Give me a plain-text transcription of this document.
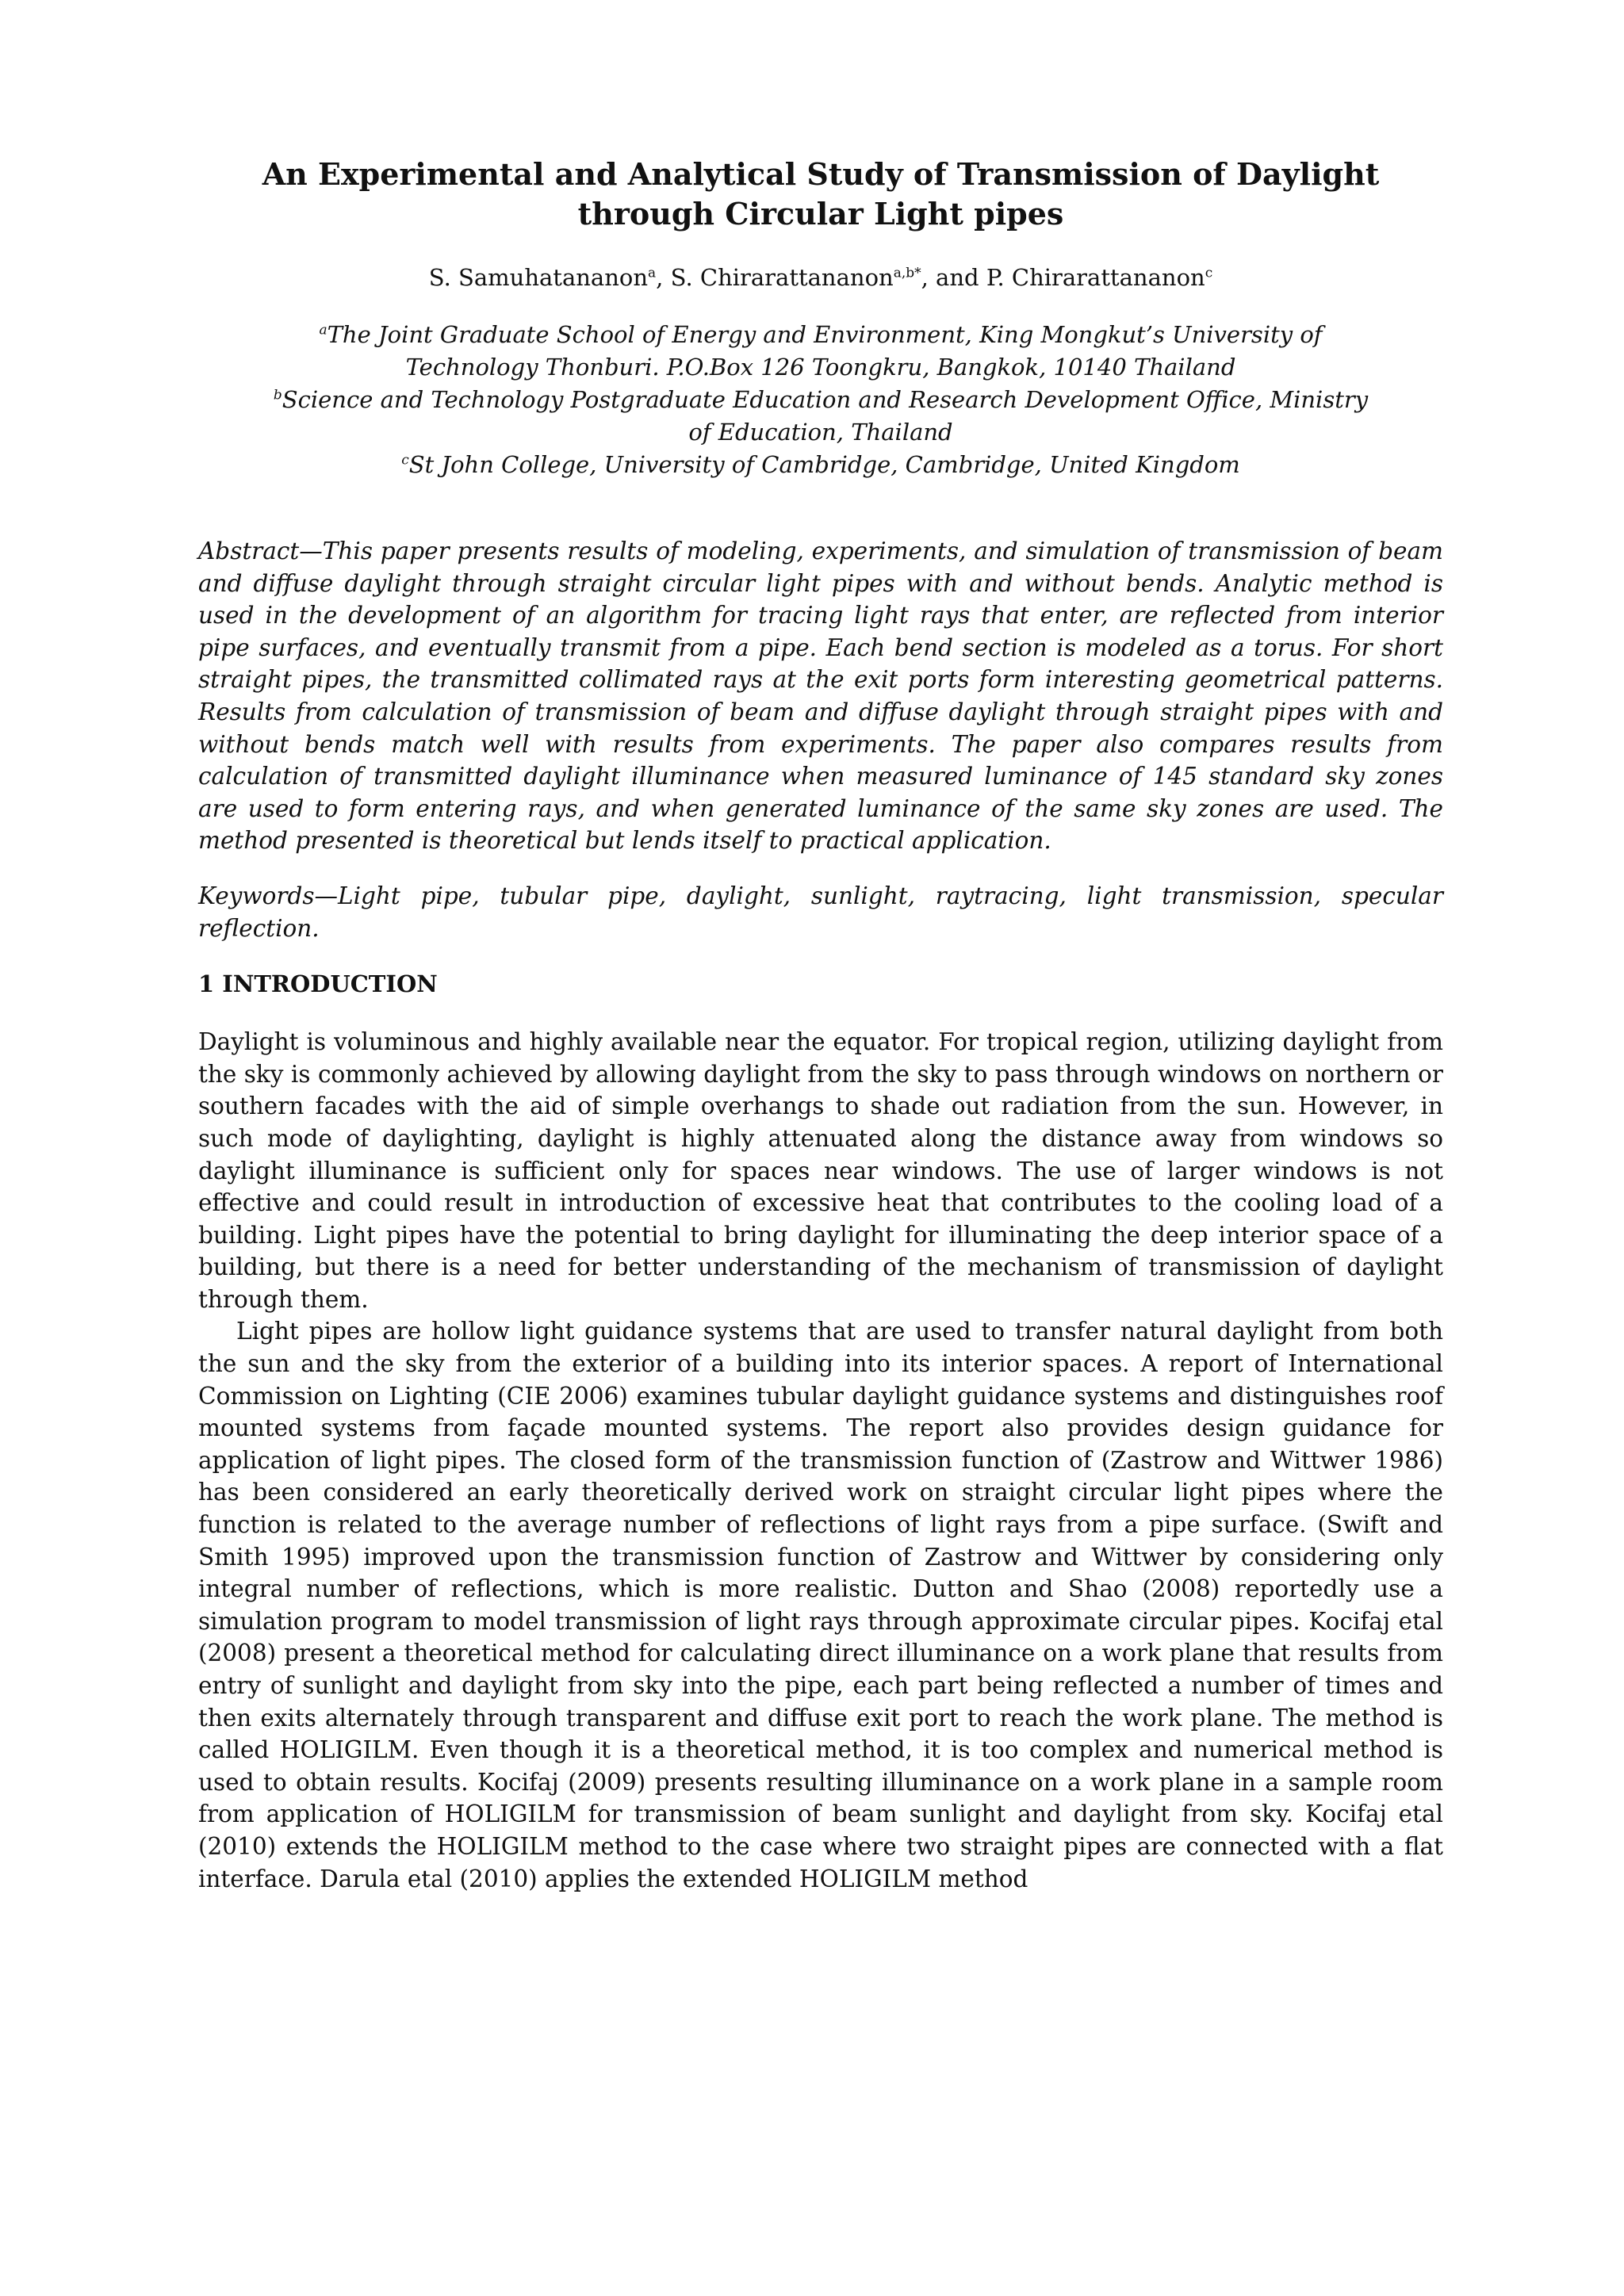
An Experimental and Analytical Study of Transmission of Daylight
through Circular Light pipes
S. Samuhatananon$^a$, S. Chirarattananon$^{a,b*}$, and P. Chirarattananon$^c$
$^a$The Joint Graduate School of Energy and Environment, King Mongkut’s University of
Technology Thonburi. P.O.Box 126 Toongkru, Bangkok, 10140 Thailand
$^b$Science and Technology Postgraduate Education and Research Development Office, Ministry
of Education, Thailand
$^c$St John College, University of Cambridge, Cambridge, United Kingdom

Abstract—This paper presents results of modeling, experiments, and simulation of transmission of beam and diffuse daylight through straight circular light pipes with and without bends. Analytic method is used in the development of an algorithm for tracing light rays that enter, are reflected from interior pipe surfaces, and eventually transmit from a pipe. Each bend section is modeled as a torus. For short straight pipes, the transmitted collimated rays at the exit ports form interesting geometrical patterns. Results from calculation of transmission of beam and diffuse daylight through straight pipes with and without bends match well with results from experiments. The paper also compares results from calculation of transmitted daylight illuminance when measured luminance of 145 standard sky zones are used to form entering rays, and when generated luminance of the same sky zones are used. The method presented is theoretical but lends itself to practical application.

Keywords—Light pipe, tubular pipe, daylight, sunlight, raytracing, light transmission, specular reflection.

1 INTRODUCTION

Daylight is voluminous and highly available near the equator. For tropical region, utilizing daylight from the sky is commonly achieved by allowing daylight from the sky to pass through windows on northern or southern facades with the aid of simple overhangs to shade out radiation from the sun. However, in such mode of daylighting, daylight is highly attenuated along the distance away from windows so daylight illuminance is sufficient only for spaces near windows. The use of larger windows is not effective and could result in introduction of excessive heat that contributes to the cooling load of a building. Light pipes have the potential to bring daylight for illuminating the deep interior space of a building, but there is a need for better understanding of the mechanism of transmission of daylight through them.

Light pipes are hollow light guidance systems that are used to transfer natural daylight from both the sun and the sky from the exterior of a building into its interior spaces. A report of International Commission on Lighting (CIE 2006) examines tubular daylight guidance systems and distinguishes roof mounted systems from façade mounted systems. The report also provides design guidance for application of light pipes. The closed form of the transmission function of (Zastrow and Wittwer 1986) has been considered an early theoretically derived work on straight circular light pipes where the function is related to the average number of reflections of light rays from a pipe surface. (Swift and Smith 1995) improved upon the transmission function of Zastrow and Wittwer by considering only integral number of reflections, which is more realistic. Dutton and Shao (2008) reportedly use a simulation program to model transmission of light rays through approximate circular pipes. Kocifaj etal (2008) present a theoretical method for calculating direct illuminance on a work plane that results from entry of sunlight and daylight from sky into the pipe, each part being reflected a number of times and then exits alternately through transparent and diffuse exit port to reach the work plane. The method is called HOLIGILM. Even though it is a theoretical method, it is too complex and numerical method is used to obtain results. Kocifaj (2009) presents resulting illuminance on a work plane in a sample room from application of HOLIGILM for transmission of beam sunlight and daylight from sky. Kocifaj etal (2010) extends the HOLIGILM method to the case where two straight pipes are connected with a flat interface. Darula etal (2010) applies the extended HOLIGILM method
